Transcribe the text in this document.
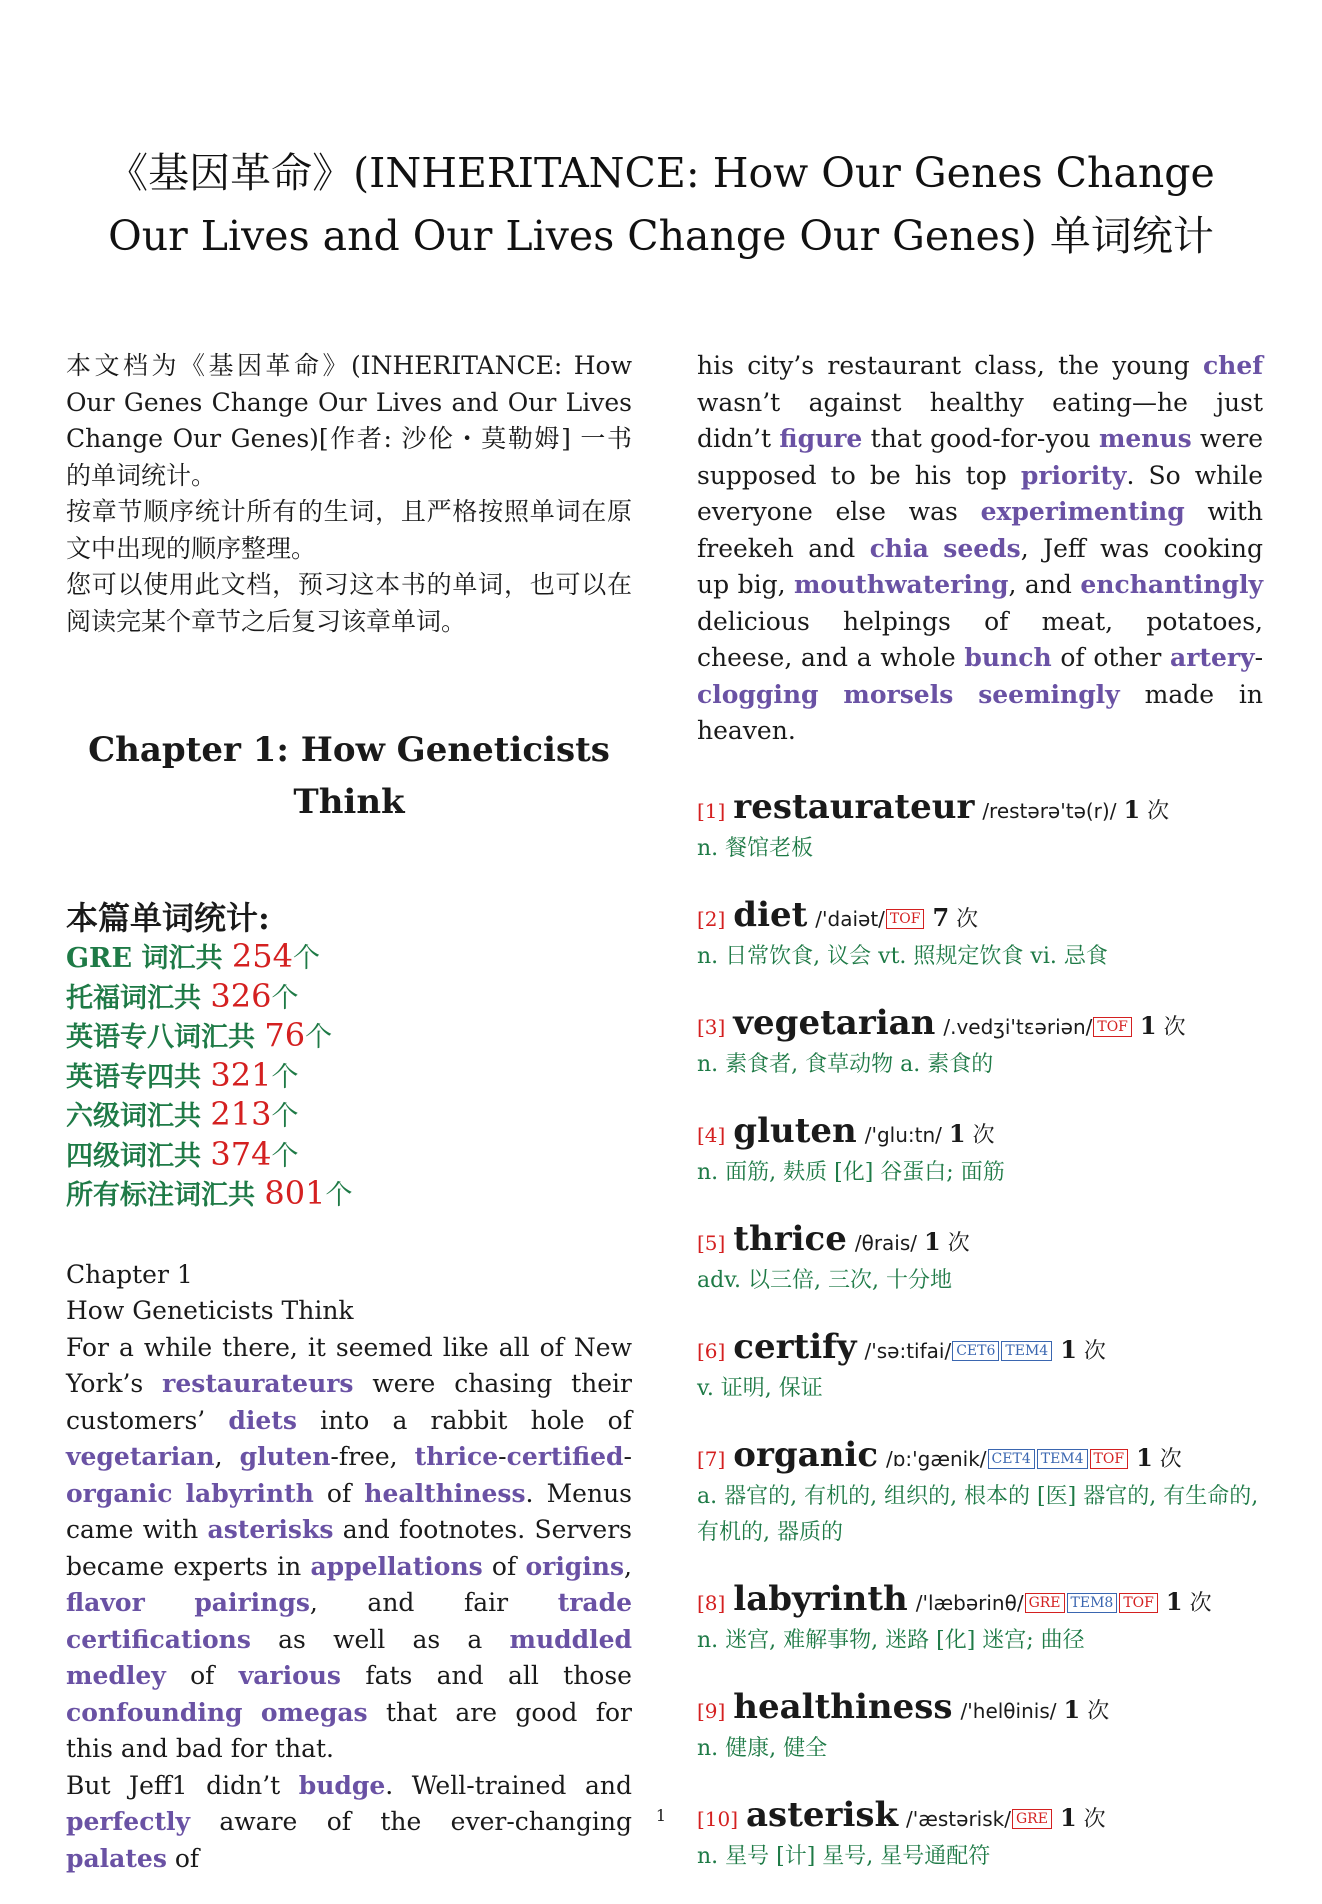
《基因革命》(INHERITANCE: How Our Genes Change Our Lives and Our Lives Change Our Genes) 单词统计

本文档为《基因革命》(INHERITANCE: How Our Genes Change Our Lives and Our Lives Change Our Genes)[作者: 沙伦・莫勒姆] 一书的单词统计。

按章节顺序统计所有的生词，且严格按照单词在原文中出现的顺序整理。

您可以使用此文档，预习这本书的单词，也可以在阅读完某个章节之后复习该章单词。

Chapter 1: How Geneticists Think
本篇单词统计:
GRE 词汇共 254个
托福词汇共 326个
英语专八词汇共 76个
英语专四共 321个
六级词汇共 213个
四级词汇共 374个
所有标注词汇共 801个

Chapter 1

How Geneticists Think

For a while there, it seemed like all of New York’s restaurateurs were chasing their customers’ diets into a rabbit hole of vegetarian, gluten-free, thrice-certified-organic labyrinth of healthiness. Menus came with asterisks and footnotes. Servers became experts in appellations of origins, flavor pairings, and fair trade certifications as well as a muddled medley of various fats and all those confounding omegas that are good for this and bad for that.

But Jeff1 didn’t budge. Well-trained and perfectly aware of the ever-changing palates of

his city’s restaurant class, the young chef wasn’t against healthy eating—he just didn’t figure that good-for-you menus were supposed to be his top priority. So while everyone else was experimenting with freekeh and chia seeds, Jeff was cooking up big, mouthwatering, and enchantingly delicious helpings of meat, potatoes, cheese, and a whole bunch of other artery-clogging morsels seemingly made in heaven.

[1] restaurateur /restərə'tə(r)/ 1 次
n. 餐馆老板
[2] diet /'daiət/ TOF 7 次
n. 日常饮食, 议会 vt. 照规定饮食 vi. 忌食
[3] vegetarian /.vedʒi'tɛəriən/ TOF 1 次
n. 素食者, 食草动物 a. 素食的
[4] gluten /'glu:tn/ 1 次
n. 面筋, 麸质 [化] 谷蛋白; 面筋
[5] thrice /θrais/ 1 次
adv. 以三倍, 三次, 十分地
[6] certify /'sə:tifai/ CET6 TEM4 1 次
v. 证明, 保证
[7] organic /ɒ:'gænik/ CET4 TEM4 TOF 1 次
a. 器官的, 有机的, 组织的, 根本的 [医] 器官的, 有生命的, 有机的, 器质的
[8] labyrinth /'læbərinθ/ GRE TEM8 TOF 1 次
n. 迷宫, 难解事物, 迷路 [化] 迷宫; 曲径
[9] healthiness /'helθinis/ 1 次
n. 健康, 健全
[10] asterisk /'æstərisk/ GRE 1 次
n. 星号 [计] 星号, 星号通配符
1
